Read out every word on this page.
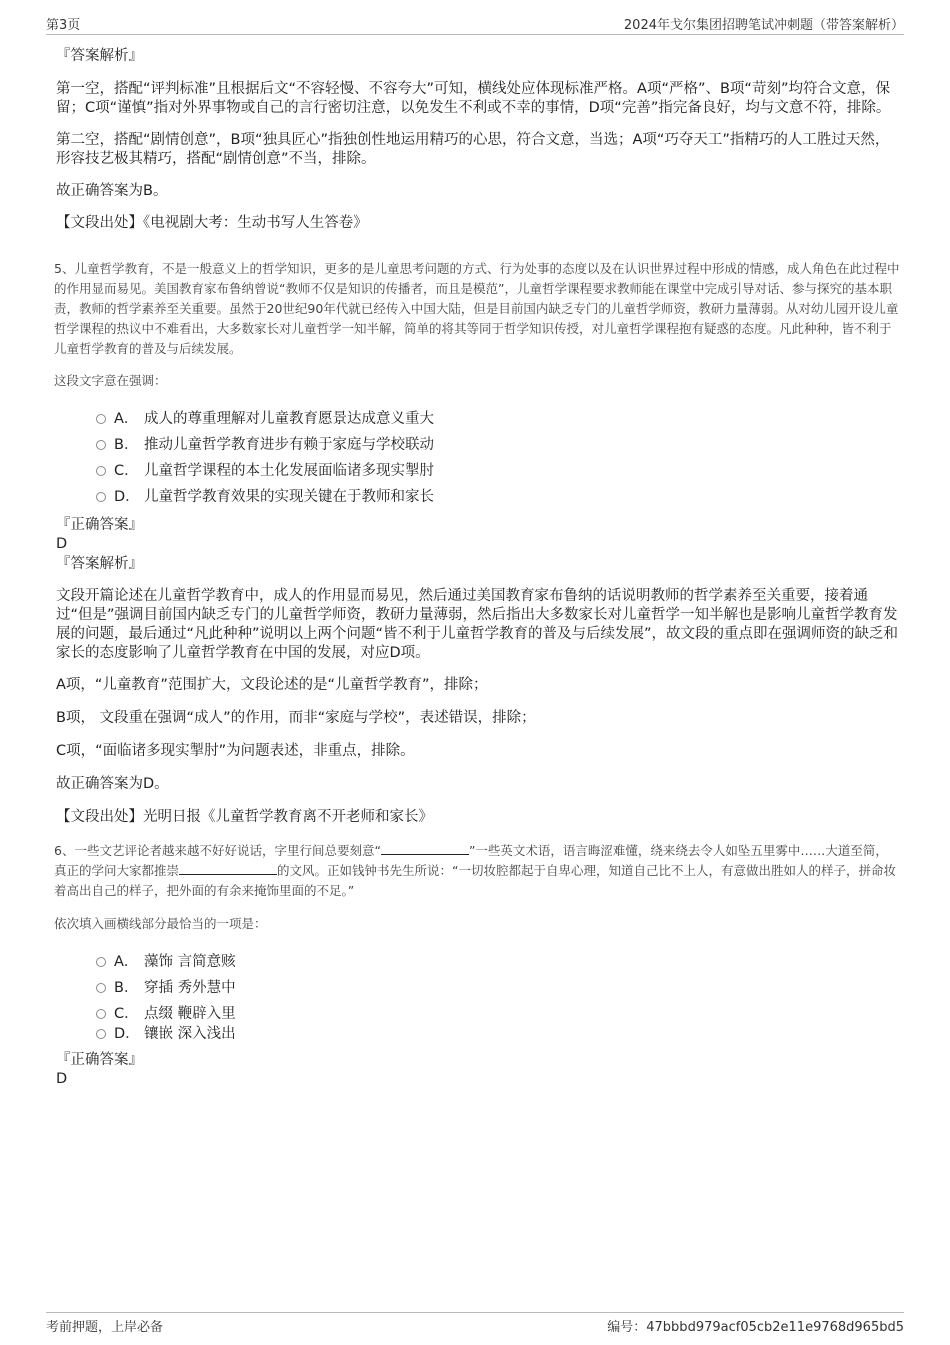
第3页	2024年戈尔集团招聘笔试冲刺题（带答案解析）
『答案解析』

第一空，搭配“评判标准”且根据后文“不容轻慢、不容夸大”可知，横线处应体现标准严格。A项“严格”、B项“苛刻”均符合文意，保留；C项“谨慎”指对外界事物或自己的言行密切注意，以免发生不利或不幸的事情，D项“完善”指完备良好，均与文意不符，排除。

第二空，搭配“剧情创意”，B项“独具匠心”指独创性地运用精巧的心思，符合文意，当选；A项“巧夺天工”指精巧的人工胜过天然，形容技艺极其精巧，搭配“剧情创意”不当，排除。

故正确答案为B。

【文段出处】《电视剧大考：生动书写人生答卷》

5、儿童哲学教育，不是一般意义上的哲学知识，更多的是儿童思考问题的方式、行为处事的态度以及在认识世界过程中形成的情感，成人角色在此过程中的作用显而易见。美国教育家布鲁纳曾说“教师不仅是知识的传播者，而且是模范”，儿童哲学课程要求教师能在课堂中完成引导对话、参与探究的基本职责，教师的哲学素养至关重要。虽然于20世纪90年代就已经传入中国大陆，但是目前国内缺乏专门的儿童哲学师资，教研力量薄弱。从对幼儿园开设儿童哲学课程的热议中不难看出，大多数家长对儿童哲学一知半解，简单的将其等同于哲学知识传授，对儿童哲学课程抱有疑惑的态度。凡此种种，皆不利于儿童哲学教育的普及与后续发展。

这段文字意在强调：

A． 成人的尊重理解对儿童教育愿景达成意义重大
B． 推动儿童哲学教育进步有赖于家庭与学校联动
C． 儿童哲学课程的本土化发展面临诸多现实掣肘
D． 儿童哲学教育效果的实现关键在于教师和家长
『正确答案』
D
『答案解析』

文段开篇论述在儿童哲学教育中，成人的作用显而易见，然后通过美国教育家布鲁纳的话说明教师的哲学素养至关重要，接着通过“但是”强调目前国内缺乏专门的儿童哲学师资，教研力量薄弱，然后指出大多数家长对儿童哲学一知半解也是影响儿童哲学教育发展的问题，最后通过“凡此种种”说明以上两个问题“皆不利于儿童哲学教育的普及与后续发展”，故文段的重点即在强调师资的缺乏和家长的态度影响了儿童哲学教育在中国的发展，对应D项。

A项，“儿童教育”范围扩大，文段论述的是“儿童哲学教育”，排除；

B项， 文段重在强调“成人”的作用，而非“家庭与学校”，表述错误，排除；

C项，“面临诸多现实掣肘”为问题表述，非重点，排除。

故正确答案为D。

【文段出处】光明日报《儿童哲学教育离不开老师和家长》

6、一些文艺评论者越来越不好好说话，字里行间总要刻意“	”一些英文术语，语言晦涩难懂，绕来绕去令人如坠五里雾中……大道至简，真正的学问大家都推崇	的文风。正如钱钟书先生所说：“一切妆腔都起于自卑心理，知道自己比不上人，有意做出胜如人的样子，拼命妆着高出自己的样子，把外面的有余来掩饰里面的不足。”

依次填入画横线部分最恰当的一项是：

A． 藻饰 言简意赅
B． 穿插 秀外慧中
C． 点缀 鞭辟入里
D． 镶嵌 深入浅出
『正确答案』
D
考前押题，上岸必备	编号：47bbbd979acf05cb2e11e9768d965bd5
